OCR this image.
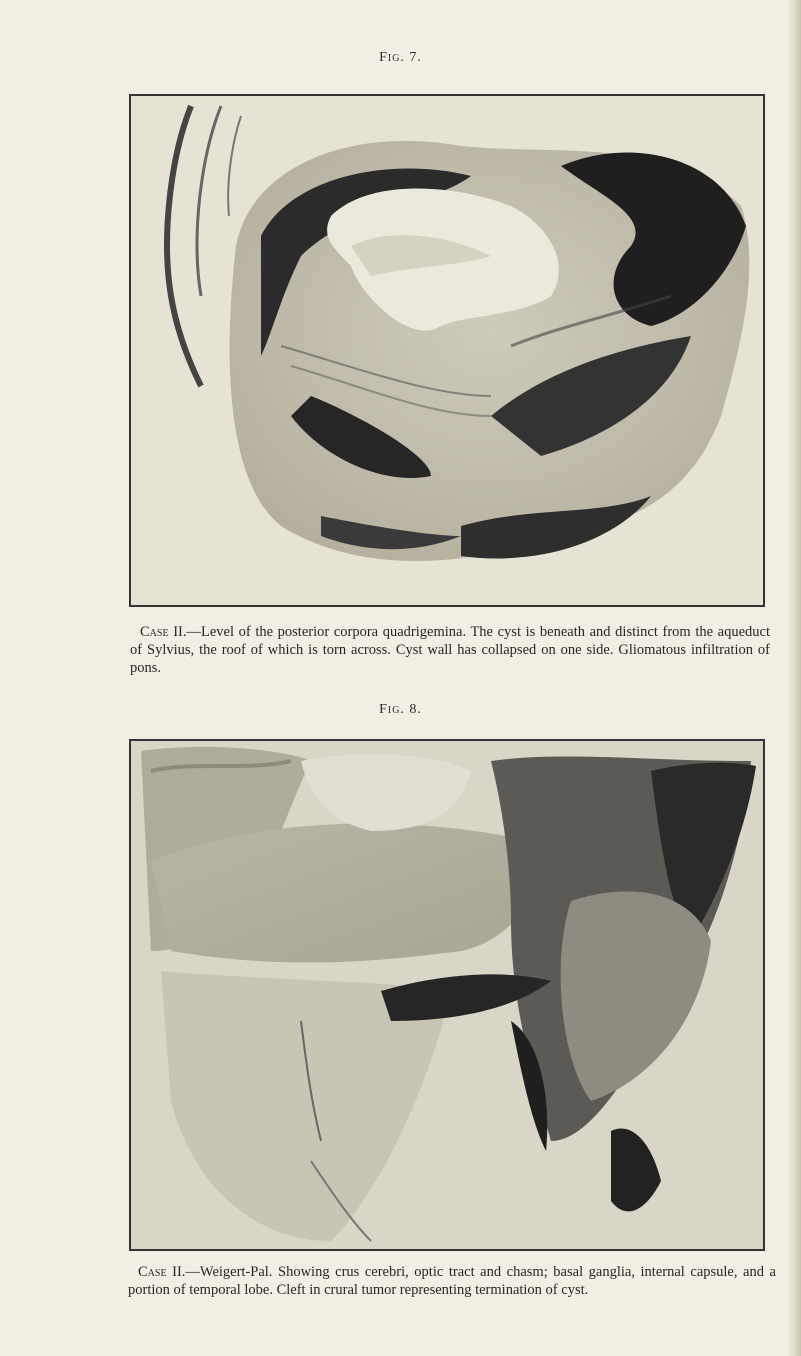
Fig. 7.
Case II.—Level of the posterior corpora quadrigemina. The cyst is beneath and distinct from the aqueduct of Sylvius, the roof of which is torn across. Cyst wall has collapsed on one side. Gliomatous infiltration of pons.
Fig. 8.
Case II.—Weigert-Pal. Showing crus cerebri, optic tract and chasm; basal ganglia, internal capsule, and a portion of temporal lobe. Cleft in crural tumor representing termination of cyst.
